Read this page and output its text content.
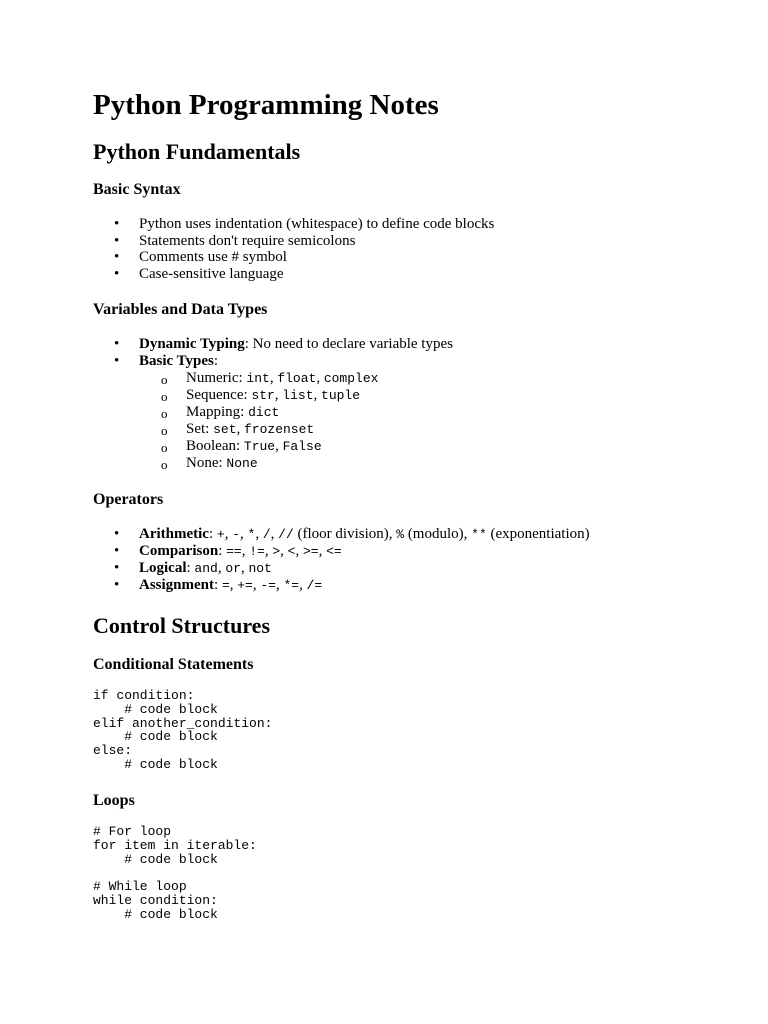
Python Programming Notes
Python Fundamentals
Basic Syntax
• Python uses indentation (whitespace) to define code blocks
• Statements don't require semicolons
• Comments use # symbol
• Case-sensitive language
Variables and Data Types
• Dynamic Typing: No need to declare variable types
• Basic Types:
o Numeric: int, float, complex
o Sequence: str, list, tuple
o Mapping: dict
o Set: set, frozenset
o Boolean: True, False
o None: None
Operators
• Arithmetic: +, -, *, /, // (floor division), % (modulo), ** (exponentiation)
• Comparison: ==, !=, >, <, >=, <=
• Logical: and, or, not
• Assignment: =, +=, -=, *=, /=
Control Structures
Conditional Statements
if condition:
# code block
elif another_condition:
# code block
else:
# code block
Loops
# For loop
for item in iterable:
# code block

# While loop
while condition:
# code block
